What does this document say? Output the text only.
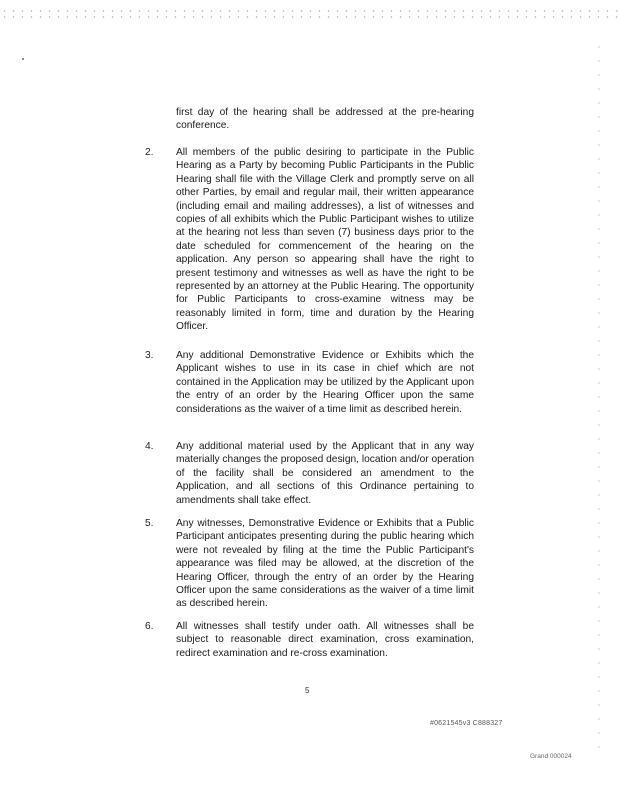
first day of the hearing shall be addressed at the pre-hearing conference.
2.	All members of the public desiring to participate in the Public Hearing as a Party by becoming Public Participants in the Public Hearing shall file with the Village Clerk and promptly serve on all other Parties, by email and regular mail, their written appearance (including email and mailing addresses), a list of witnesses and copies of all exhibits which the Public Participant wishes to utilize at the hearing not less than seven (7) business days prior to the date scheduled for commencement of the hearing on the application. Any person so appearing shall have the right to present testimony and witnesses as well as have the right to be represented by an attorney at the Public Hearing. The opportunity for Public Participants to cross-examine witness may be reasonably limited in form, time and duration by the Hearing Officer.
3.	Any additional Demonstrative Evidence or Exhibits which the Applicant wishes to use in its case in chief which are not contained in the Application may be utilized by the Applicant upon the entry of an order by the Hearing Officer upon the same considerations as the waiver of a time limit as described herein.
4.	Any additional material used by the Applicant that in any way materially changes the proposed design, location and/or operation of the facility shall be considered an amendment to the Application, and all sections of this Ordinance pertaining to amendments shall take effect.
5.	Any witnesses, Demonstrative Evidence or Exhibits that a Public Participant anticipates presenting during the public hearing which were not revealed by filing at the time the Public Participant's appearance was filed may be allowed, at the discretion of the Hearing Officer, through the entry of an order by the Hearing Officer upon the same considerations as the waiver of a time limit as described herein.
6.	All witnesses shall testify under oath. All witnesses shall be subject to reasonable direct examination, cross examination, redirect examination and re-cross examination.
5
#0621545v3 C888327
Grand 000024
